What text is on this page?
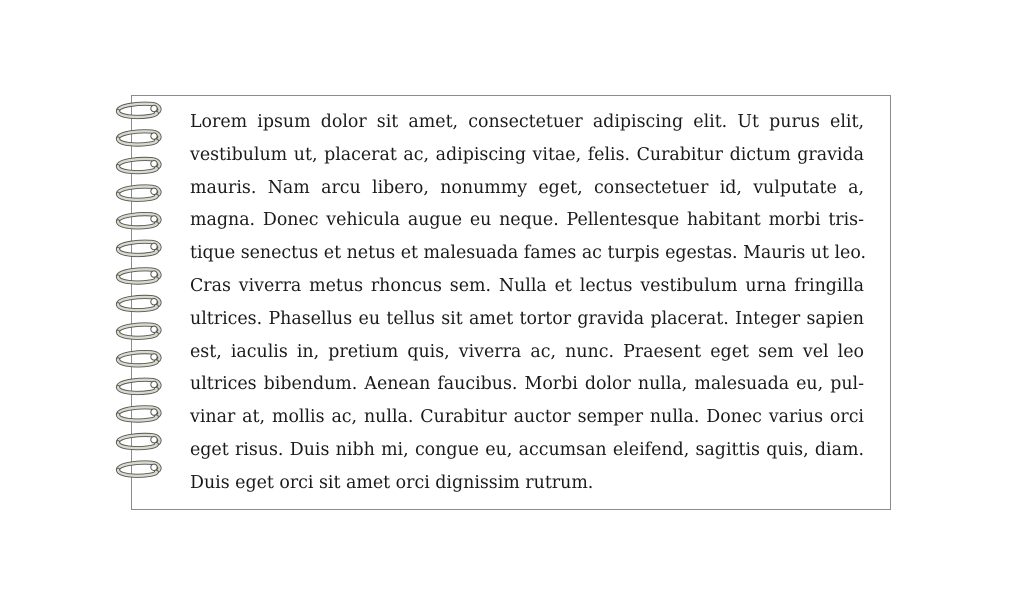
Lorem ipsum dolor sit amet, consectetuer adipiscing elit. Ut purus elit,
vestibulum ut, placerat ac, adipiscing vitae, felis. Curabitur dictum gravida
mauris. Nam arcu libero, nonummy eget, consectetuer id, vulputate a,
magna. Donec vehicula augue eu neque. Pellentesque habitant morbi tris-
tique senectus et netus et malesuada fames ac turpis egestas. Mauris ut leo.
Cras viverra metus rhoncus sem. Nulla et lectus vestibulum urna fringilla
ultrices. Phasellus eu tellus sit amet tortor gravida placerat. Integer sapien
est, iaculis in, pretium quis, viverra ac, nunc. Praesent eget sem vel leo
ultrices bibendum. Aenean faucibus. Morbi dolor nulla, malesuada eu, pul-
vinar at, mollis ac, nulla. Curabitur auctor semper nulla. Donec varius orci
eget risus. Duis nibh mi, congue eu, accumsan eleifend, sagittis quis, diam.
Duis eget orci sit amet orci dignissim rutrum.
